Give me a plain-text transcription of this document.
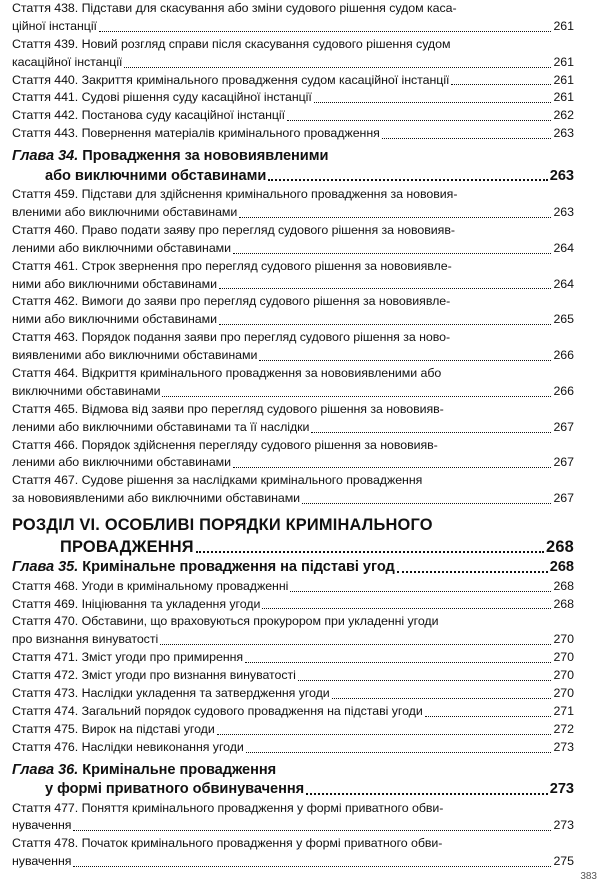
Стаття 438. Підстави для скасування або зміни судового рішення судом каса-
ційної інстанції	261
Стаття 439. Новий розгляд справи після скасування судового рішення судом
касаційної інстанції	261
Стаття 440. Закриття кримінального провадження судом касаційної інстанції	261
Стаття 441. Судові рішення суду касаційної інстанції	261
Стаття 442. Постанова суду касаційної інстанції	262
Стаття 443. Повернення матеріалів кримінального провадження	263
Глава 34. Провадження за нововиявленими
або виключними обставинами	263
Стаття 459. Підстави для здійснення кримінального провадження за нововия-
вленими або виключними обставинами	263
Стаття 460. Право подати заяву про перегляд судового рішення за нововияв-
леними або виключними обставинами	264
Стаття 461. Строк звернення про перегляд судового рішення за нововиявле-
ними або виключними обставинами	264
Стаття 462. Вимоги до заяви про перегляд судового рішення за нововиявле-
ними або виключними обставинами	265
Стаття 463. Порядок подання заяви про перегляд судового рішення за ново-
виявленими або виключними обставинами	266
Стаття 464. Відкриття кримінального провадження за нововиявленими або
виключними обставинами	266
Стаття 465. Відмова від заяви про перегляд судового рішення за нововияв-
леними або виключними обставинами та її наслідки	267
Стаття 466. Порядок здійснення перегляду судового рішення за нововияв-
леними або виключними обставинами	267
Стаття 467. Судове рішення за наслідками кримінального провадження
за нововиявленими або виключними обставинами	267
РОЗДІЛ VI. ОСОБЛИВІ ПОРЯДКИ КРИМІНАЛЬНОГО
ПРОВАДЖЕННЯ	268
Глава 35. Кримінальне провадження на підставі угод	268
Стаття 468. Угоди в кримінальному провадженні	268
Стаття 469. Ініціювання та укладення угоди	268
Стаття 470. Обставини, що враховуються прокурором при укладенні угоди
про визнання винуватості	270
Стаття 471. Зміст угоди про примирення	270
Стаття 472. Зміст угоди про визнання винуватості	270
Стаття 473. Наслідки укладення та затвердження угоди	270
Стаття 474. Загальний порядок судового провадження на підставі угоди	271
Стаття 475. Вирок на підставі угоди	272
Стаття 476. Наслідки невиконання угоди	273
Глава 36. Кримінальне провадження
у формі приватного обвинувачення	273
Стаття 477. Поняття кримінального провадження у формі приватного обви-
нувачення	273
Стаття 478. Початок кримінального провадження у формі приватного обви-
нувачення	275
383
